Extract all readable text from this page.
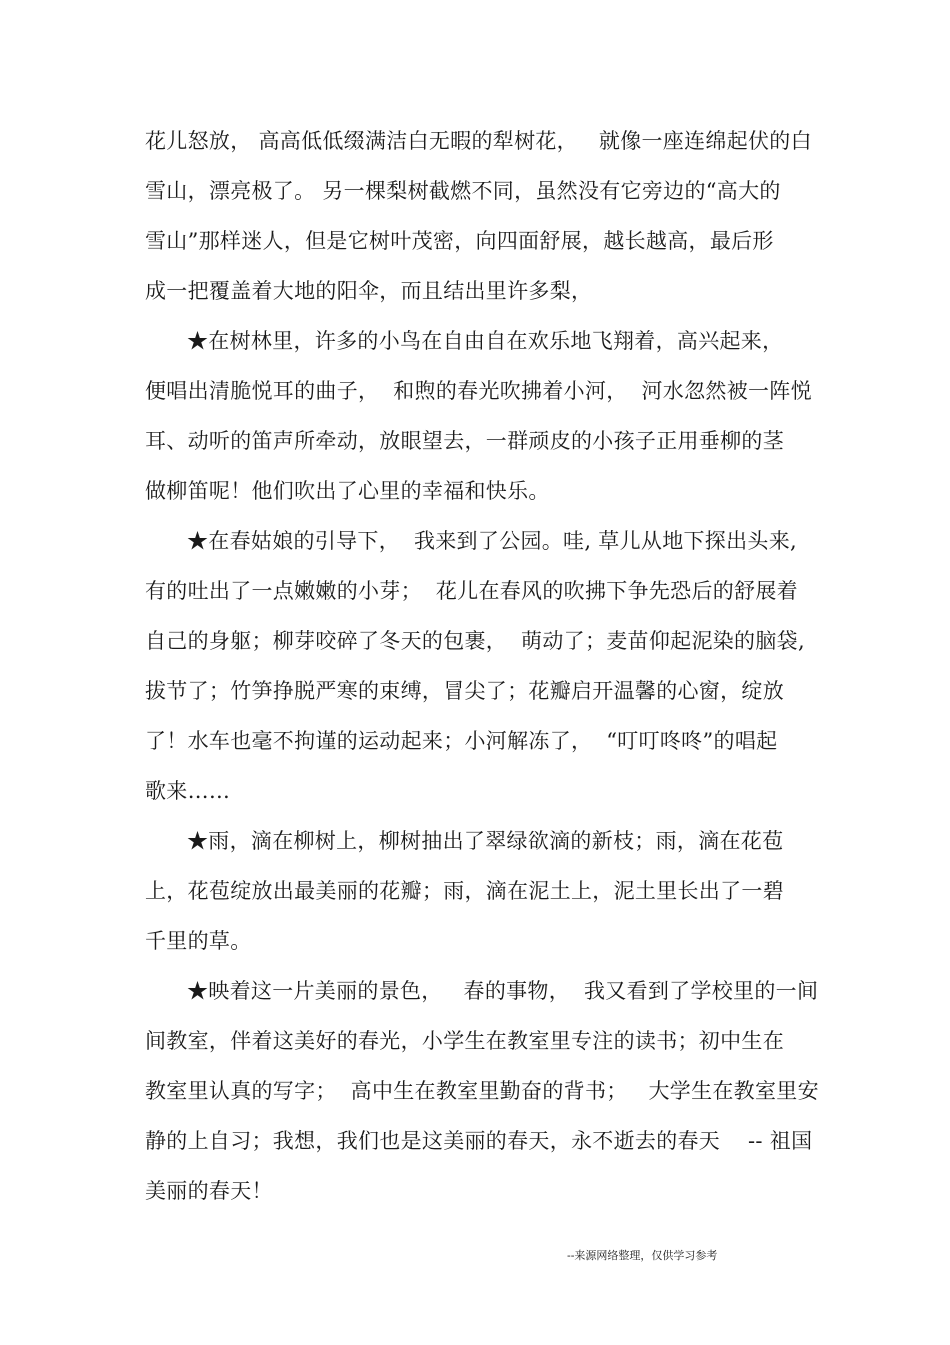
花儿怒放， 高高低低缀满洁白无暇的犁树花，   就像一座连绵起伏的白
雪山，漂亮极了。 另一棵梨树截燃不同，虽然没有它旁边的“高大的
雪山”那样迷人，但是它树叶茂密，向四面舒展，越长越高，最后形
成一把覆盖着大地的阳伞，而且结出里许多梨，
★在树林里，许多的小鸟在自由自在欢乐地飞翔着，高兴起来，
便唱出清脆悦耳的曲子，  和煦的春光吹拂着小河，  河水忽然被一阵悦
耳、动听的笛声所牵动，放眼望去，一群顽皮的小孩子正用垂柳的茎
做柳笛呢！他们吹出了心里的幸福和快乐。
★在春姑娘的引导下，  我来到了公园。哇, 草儿从地下探出头来,
有的吐出了一点嫩嫩的小芽；  花儿在春风的吹拂下争先恐后的舒展着
自己的身躯；柳芽咬碎了冬天的包裹，  萌动了；麦苗仰起泥染的脑袋,
拔节了；竹笋挣脱严寒的束缚，冒尖了；花瓣启开温馨的心窗，绽放
了！水车也毫不拘谨的运动起来；小河解冻了，  “叮叮咚咚”的唱起
歌来……
★雨，滴在柳树上，柳树抽出了翠绿欲滴的新枝；雨，滴在花苞
上，花苞绽放出最美丽的花瓣；雨，滴在泥土上，泥土里长出了一碧
千里的草。
★映着这一片美丽的景色，   春的事物，  我又看到了学校里的一间
间教室，伴着这美好的春光，小学生在教室里专注的读书；初中生在
教室里认真的写字；  高中生在教室里勤奋的背书；   大学生在教室里安
静的上自习；我想，我们也是这美丽的春天，永不逝去的春天    -- 祖国
美丽的春天！
--来源网络整理，仅供学习参考
